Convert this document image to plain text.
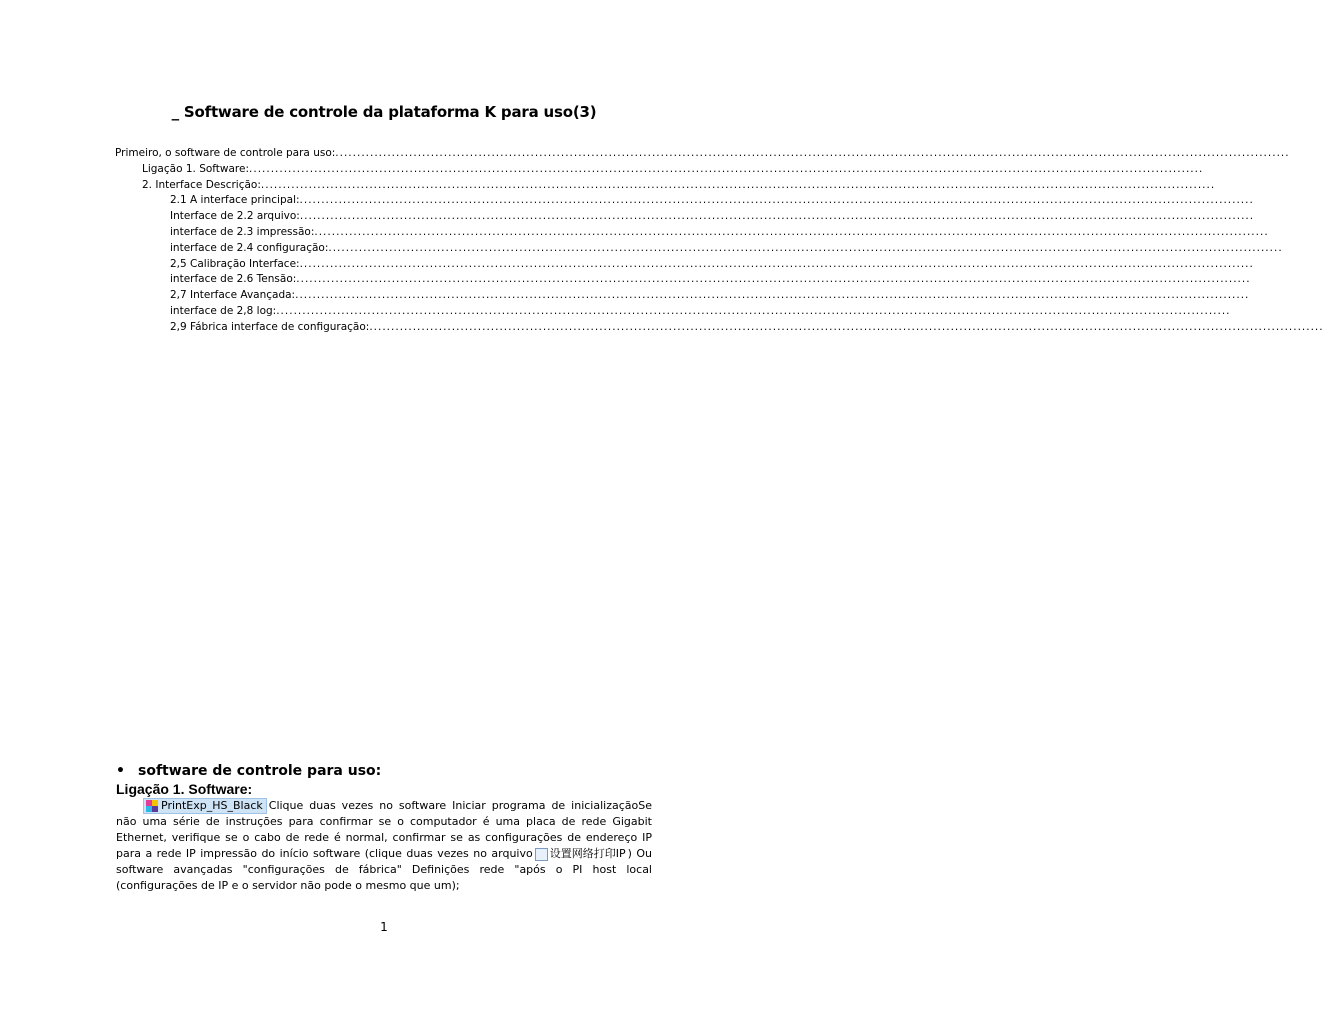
_ Software de controle da plataforma K para uso(3)
Primeiro, o software de controle para uso:............................................................................................................................................................................................................................
Ligação 1. Software:............................................................................................................................................................................................................................
2. Interface Descrição:............................................................................................................................................................................................................................
2.1 A interface principal:............................................................................................................................................................................................................................
Interface de 2.2 arquivo:............................................................................................................................................................................................................................
interface de 2.3 impressão:............................................................................................................................................................................................................................
interface de 2.4 configuração:............................................................................................................................................................................................................................
2,5 Calibração Interface:............................................................................................................................................................................................................................
interface de 2.6 Tensão:............................................................................................................................................................................................................................
2,7 Interface Avançada:............................................................................................................................................................................................................................
interface de 2,8 log:............................................................................................................................................................................................................................
2,9 Fábrica interface de configuração:............................................................................................................................................................................................................................
• software de controle para uso:
Ligação 1. Software:
PrintExp_HS_Black Clique duas vezes no software Iniciar programa de inicializaçãoSe não uma série de instruções para confirmar se o computador é uma placa de rede Gigabit Ethernet, verifique se o cabo de rede é normal, confirmar se as configurações de endereço IP para a rede IP impressão do início software (clique duas vezes no arquivo 设置网络打印IP ) Ou software avançadas "configurações de fábrica" Definições rede "após o PI host local (configurações de IP e o servidor não pode o mesmo que um);
1
